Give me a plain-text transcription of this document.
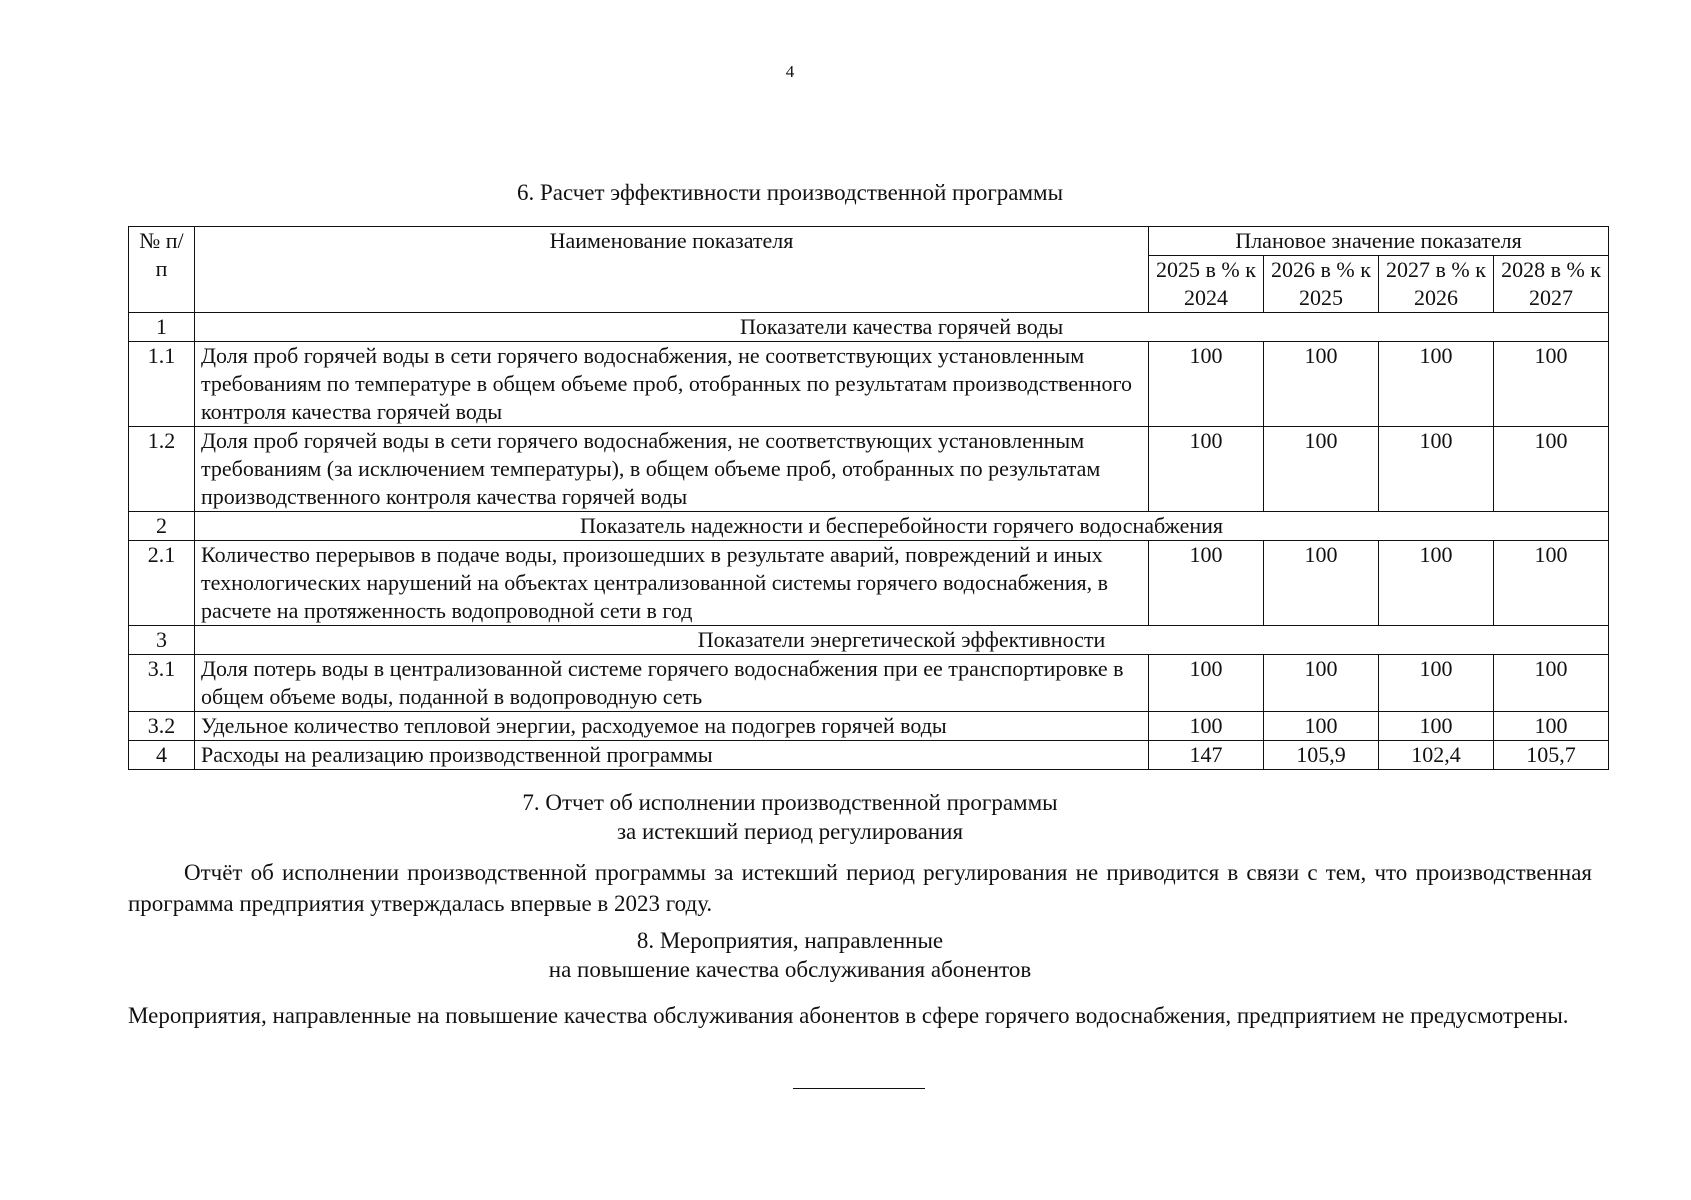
4
6. Расчет эффективности производственной программы
№ п/п	Наименование показателя	Плановое значение показателя			
		2025 в % к 2024	2026 в % к 2025	2027 в % к 2026	2028 в % к 2027
1	Показатели качества горячей воды				
1.1	Доля проб горячей воды в сети горячего водоснабжения, не соответствующих установленным требованиям по температуре в общем объеме проб, отобранных по результатам производственного контроля качества горячей воды	100	100	100	100
1.2	Доля проб горячей воды в сети горячего водоснабжения, не соответствующих установленным требованиям (за исключением температуры), в общем объеме проб, отобранных по результатам производственного контроля качества горячей воды	100	100	100	100
2	Показатель надежности и бесперебойности горячего водоснабжения				
2.1	Количество перерывов в подаче воды, произошедших в результате аварий, повреждений и иных технологических нарушений на объектах централизованной системы горячего водоснабжения, в расчете на протяженность водопроводной сети в год	100	100	100	100
3	Показатели энергетической эффективности				
3.1	Доля потерь воды в централизованной системе горячего водоснабжения при ее транспортировке в общем объеме воды, поданной в водопроводную сеть	100	100	100	100
3.2	Удельное количество тепловой энергии, расходуемое на подогрев горячей воды	100	100	100	100
4	Расходы на реализацию производственной программы	147	105,9	102,4	105,7
7. Отчет об исполнении производственной программы
за истекший период регулирования
Отчёт об исполнении производственной программы за истекший период регулирования не приводится в связи с тем, что производственная программа предприятия утверждалась впервые в 2023 году.
8. Мероприятия, направленные
на повышение качества обслуживания абонентов
Мероприятия, направленные на повышение качества обслуживания абонентов в сфере горячего водоснабжения, предприятием не предусмотрены.
